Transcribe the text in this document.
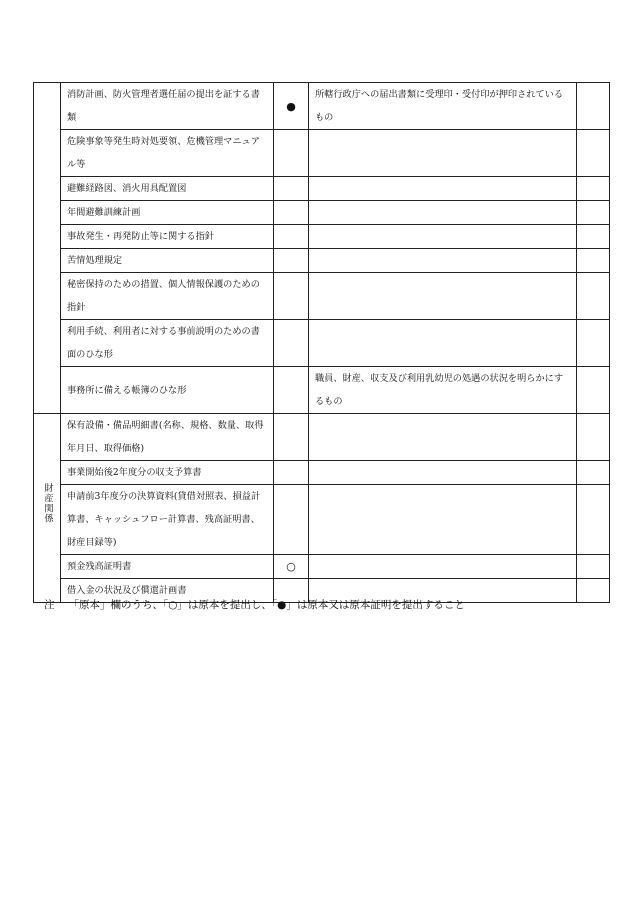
	消防計画、防火管理者選任届の提出を証する書類	●	所轄行政庁への届出書類に受理印・受付印が押印されているもの	
	危険事象等発生時対処要領、危機管理マニュアル等			
	避難経路図、消火用具配置図			
	年間避難訓練計画			
	事故発生・再発防止等に関する指針			
	苦情処理規定			
	秘密保持のための措置、個人情報保護のための指針			
	利用手続、利用者に対する事前説明のための書面のひな形			
	事務所に備える帳簿のひな形		職員、財産、収支及び利用乳幼児の処遇の状況を明らかにするもの	
財産関係	保有設備・備品明細書(名称、規格、数量、取得年月日、取得価格)			
	事業開始後2年度分の収支予算書			
	申請前3年度分の決算資料(貸借対照表、損益計算書、キャッシュフロー計算書、残高証明書、財産目録等)			
	預金残高証明書	○		
	借入金の状況及び償還計画書			
注 「原本」欄のうち、「○」は原本を提出し、「●」は原本又は原本証明を提出すること
